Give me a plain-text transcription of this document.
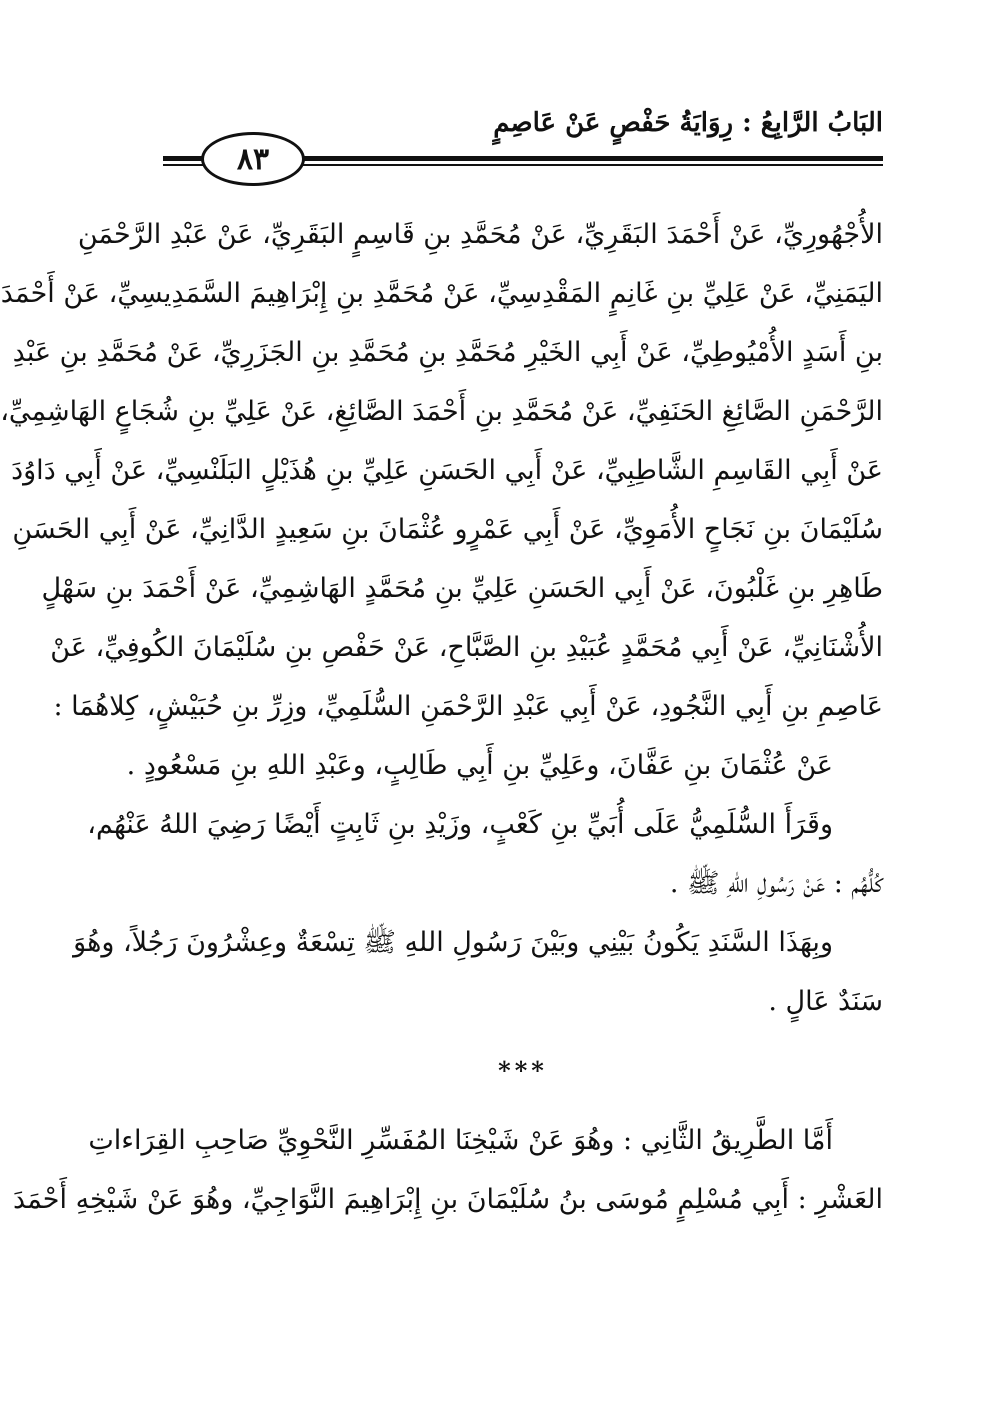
البَابُ الرَّابِعُ : رِوَايَةُ حَفْصٍ عَنْ عَاصِمٍ
٨٣
الأُجْهُورِيِّ، عَنْ أَحْمَدَ البَقَرِيِّ، عَنْ مُحَمَّدِ بنِ قَاسِمٍ البَقَرِيِّ، عَنْ عَبْدِ الرَّحْمَنِ
اليَمَنِيِّ، عَنْ عَلِيِّ بنِ غَانِمٍ المَقْدِسِيِّ، عَنْ مُحَمَّدِ بنِ إِبْرَاهِيمَ السَّمَدِيسِيِّ، عَنْ أَحْمَدَ
بنِ أَسَدٍ الأُمْيُوطِيِّ، عَنْ أَبِي الخَيْرِ مُحَمَّدِ بنِ مُحَمَّدِ بنِ الجَزَرِيِّ، عَنْ مُحَمَّدِ بنِ عَبْدِ
الرَّحْمَنِ الصَّائِغِ الحَنَفِيِّ، عَنْ مُحَمَّدِ بنِ أَحْمَدَ الصَّائِغِ، عَنْ عَلِيِّ بنِ شُجَاعٍ الهَاشِمِيِّ،
عَنْ أَبِي القَاسِمِ الشَّاطِبِيِّ، عَنْ أَبِي الحَسَنِ عَلِيِّ بنِ هُذَيْلٍ البَلَنْسِيِّ، عَنْ أَبِي دَاوُدَ
سُلَيْمَانَ بنِ نَجَاحٍ الأُمَوِيِّ، عَنْ أَبِي عَمْرٍو عُثْمَانَ بنِ سَعِيدٍ الدَّانِيِّ، عَنْ أَبِي الحَسَنِ
طَاهِرِ بنِ غَلْبُونَ، عَنْ أَبِي الحَسَنِ عَلِيِّ بنِ مُحَمَّدٍ الهَاشِمِيِّ، عَنْ أَحْمَدَ بنِ سَهْلٍ
الأُشْنَانِيِّ، عَنْ أَبِي مُحَمَّدٍ عُبَيْدِ بنِ الصَّبَّاحِ، عَنْ حَفْصِ بنِ سُلَيْمَانَ الكُوفِيِّ، عَنْ
عَاصِمِ بنِ أَبِي النَّجُودِ، عَنْ أَبِي عَبْدِ الرَّحْمَنِ السُّلَمِيِّ، وزِرِّ بنِ حُبَيْشٍ، كِلاهُمَا :
عَنْ عُثْمَانَ بنِ عَفَّانَ، وعَلِيِّ بنِ أَبِي طَالِبٍ، وعَبْدِ اللهِ بنِ مَسْعُودٍ .
وقَرَأَ السُّلَمِيُّ عَلَى أُبَيِّ بنِ كَعْبٍ، وزَيْدِ بنِ ثَابِتٍ أَيْضًا رَضِيَ اللهُ عَنْهُم،
كُلُّهُم : عَنْ رَسُولِ اللهِ ﷺ .
وبِهَذَا السَّنَدِ يَكُونُ بَيْنِي وبَيْنَ رَسُولِ اللهِ ﷺ تِسْعَةٌ وعِشْرُونَ رَجُلاً، وهُوَ
سَنَدٌ عَالٍ .
***
أَمَّا الطَّرِيقُ الثَّانِي : وهُوَ عَنْ شَيْخِنَا المُفَسِّرِ النَّحْوِيِّ صَاحِبِ القِرَاءاتِ
العَشْرِ : أَبِي مُسْلِمٍ مُوسَى بنُ سُلَيْمَانَ بنِ إِبْرَاهِيمَ النَّوَاجِيِّ، وهُوَ عَنْ شَيْخِهِ أَحْمَدَ
